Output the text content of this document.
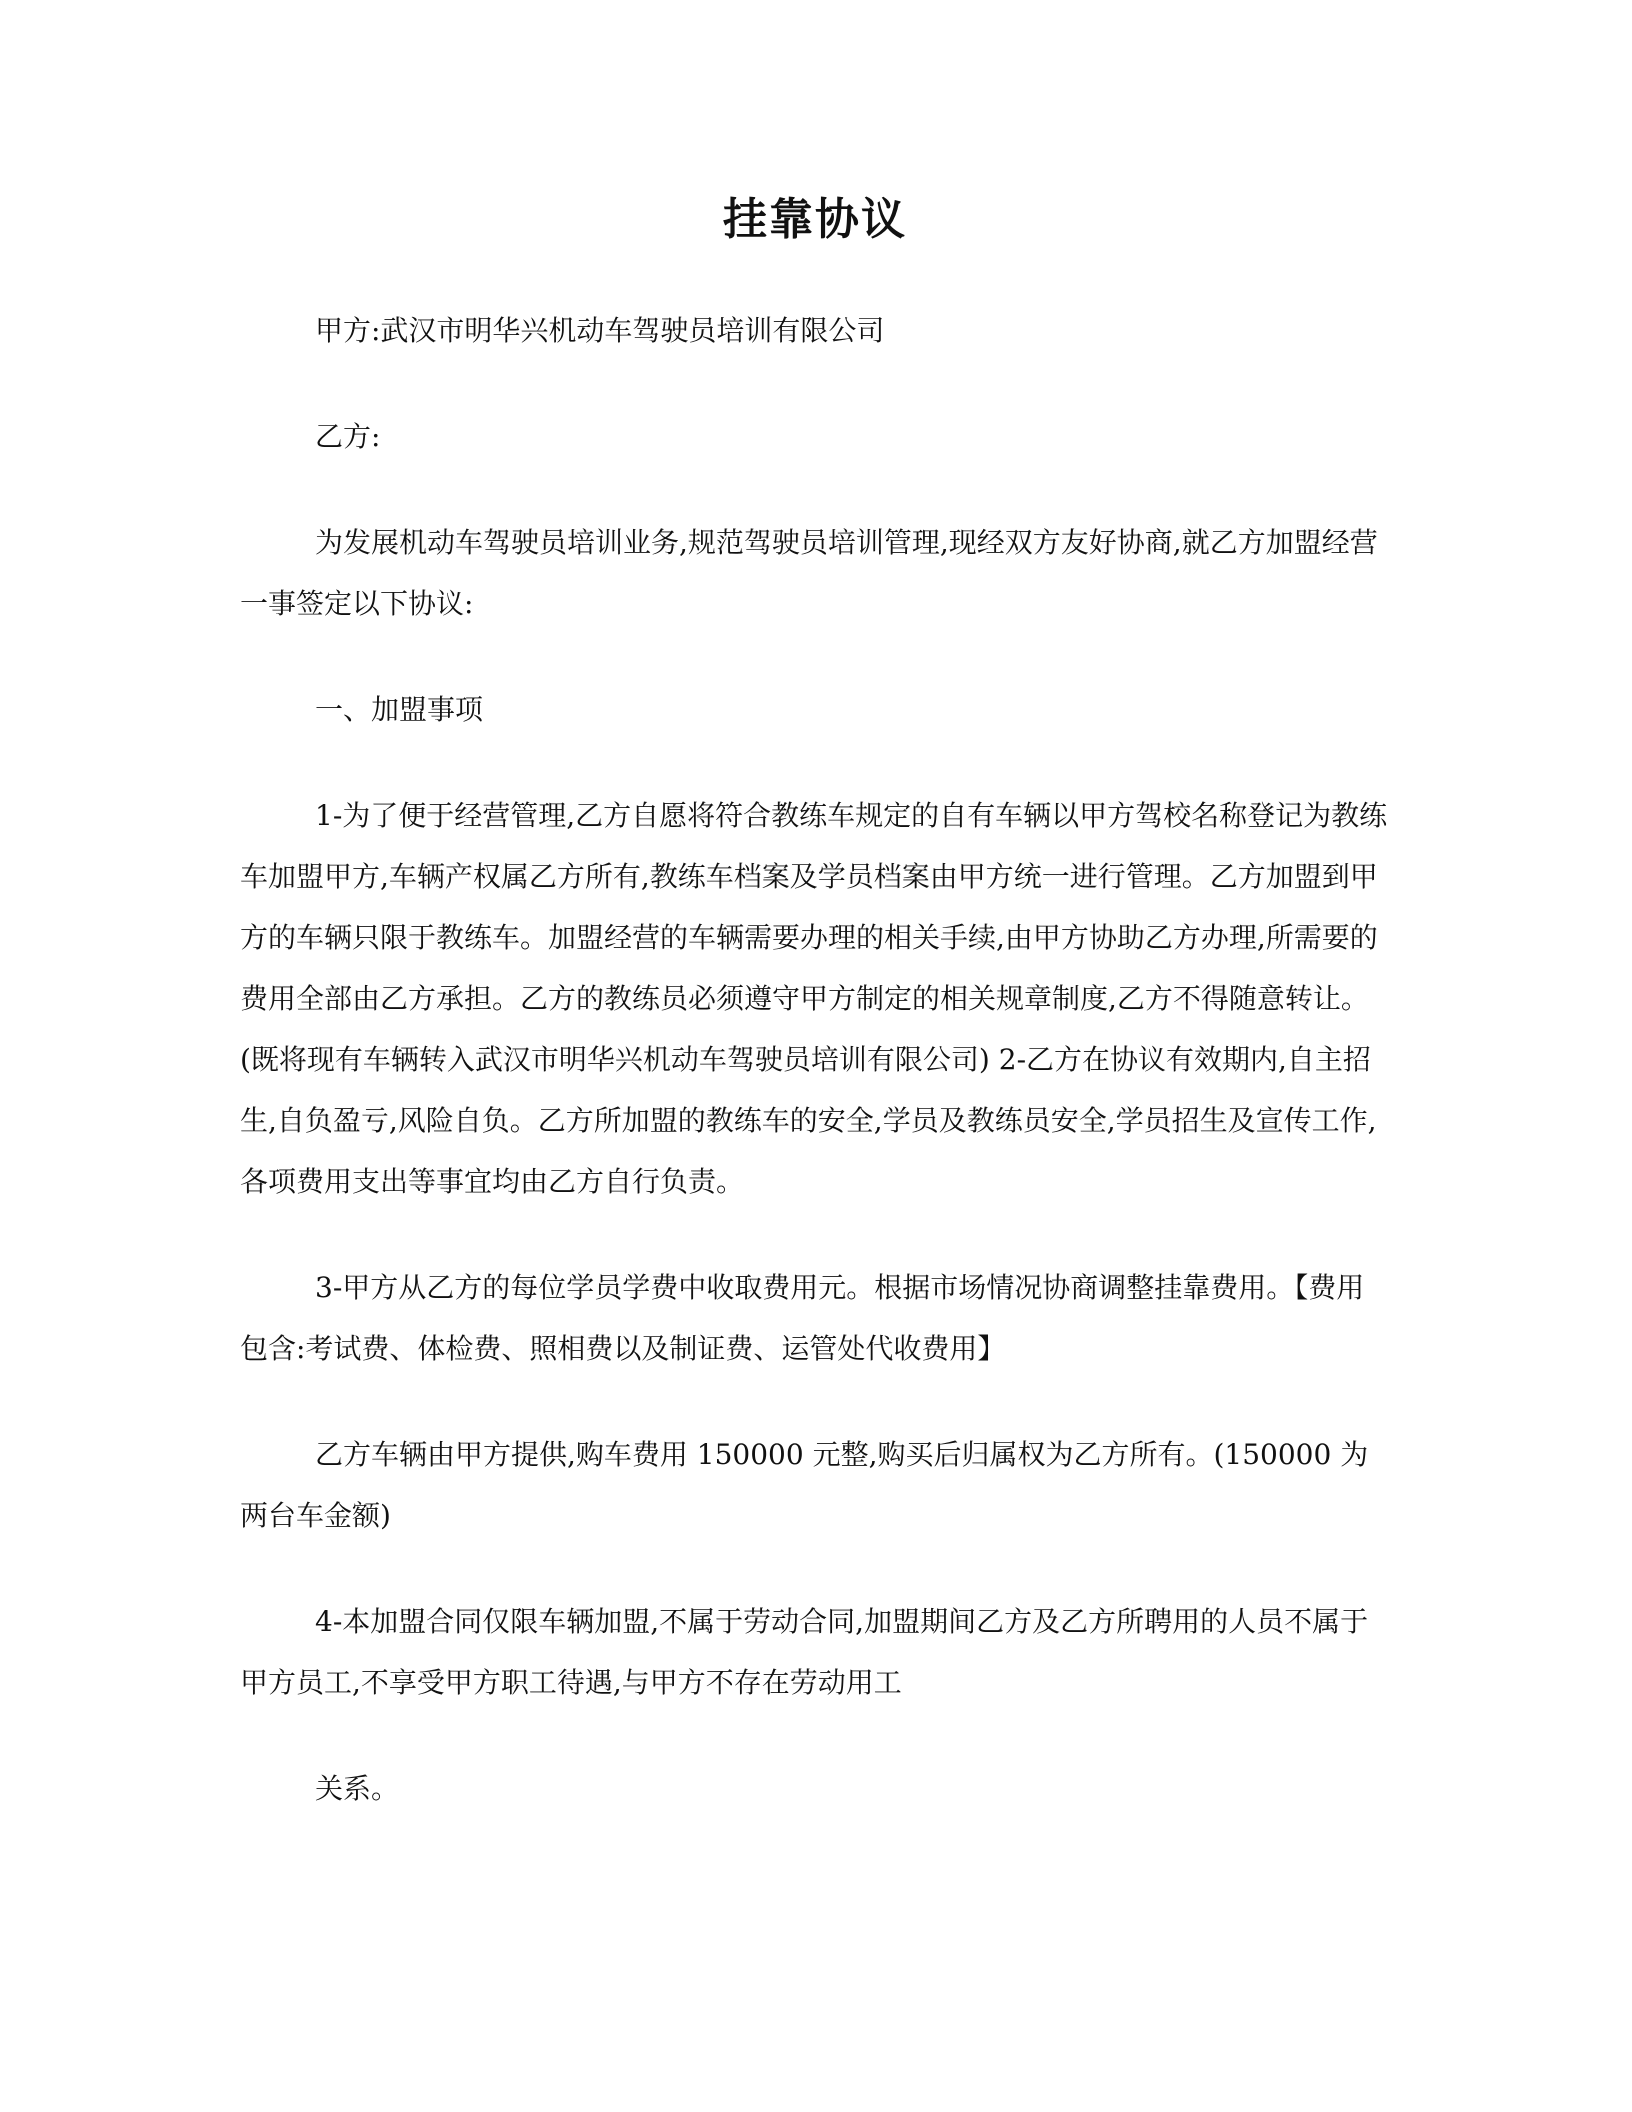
挂靠协议

甲方:武汉市明华兴机动车驾驶员培训有限公司

乙方:

为发展机动车驾驶员培训业务,规范驾驶员培训管理,现经双方友好协商,就乙方加盟经营一事签定以下协议:

一、加盟事项

1-为了便于经营管理,乙方自愿将符合教练车规定的自有车辆以甲方驾校名称登记为教练车加盟甲方,车辆产权属乙方所有,教练车档案及学员档案由甲方统一进行管理。乙方加盟到甲方的车辆只限于教练车。加盟经营的车辆需要办理的相关手续,由甲方协助乙方办理,所需要的费用全部由乙方承担。乙方的教练员必须遵守甲方制定的相关规章制度,乙方不得随意转让。(既将现有车辆转入武汉市明华兴机动车驾驶员培训有限公司) 2-乙方在协议有效期内,自主招生,自负盈亏,风险自负。乙方所加盟的教练车的安全,学员及教练员安全,学员招生及宣传工作,各项费用支出等事宜均由乙方自行负责。

3-甲方从乙方的每位学员学费中收取费用元。根据市场情况协商调整挂靠费用。【费用包含:考试费、体检费、照相费以及制证费、运管处代收费用】

乙方车辆由甲方提供,购车费用 150000 元整,购买后归属权为乙方所有。(150000 为两台车金额)

4-本加盟合同仅限车辆加盟,不属于劳动合同,加盟期间乙方及乙方所聘用的人员不属于甲方员工,不享受甲方职工待遇,与甲方不存在劳动用工

关系。
